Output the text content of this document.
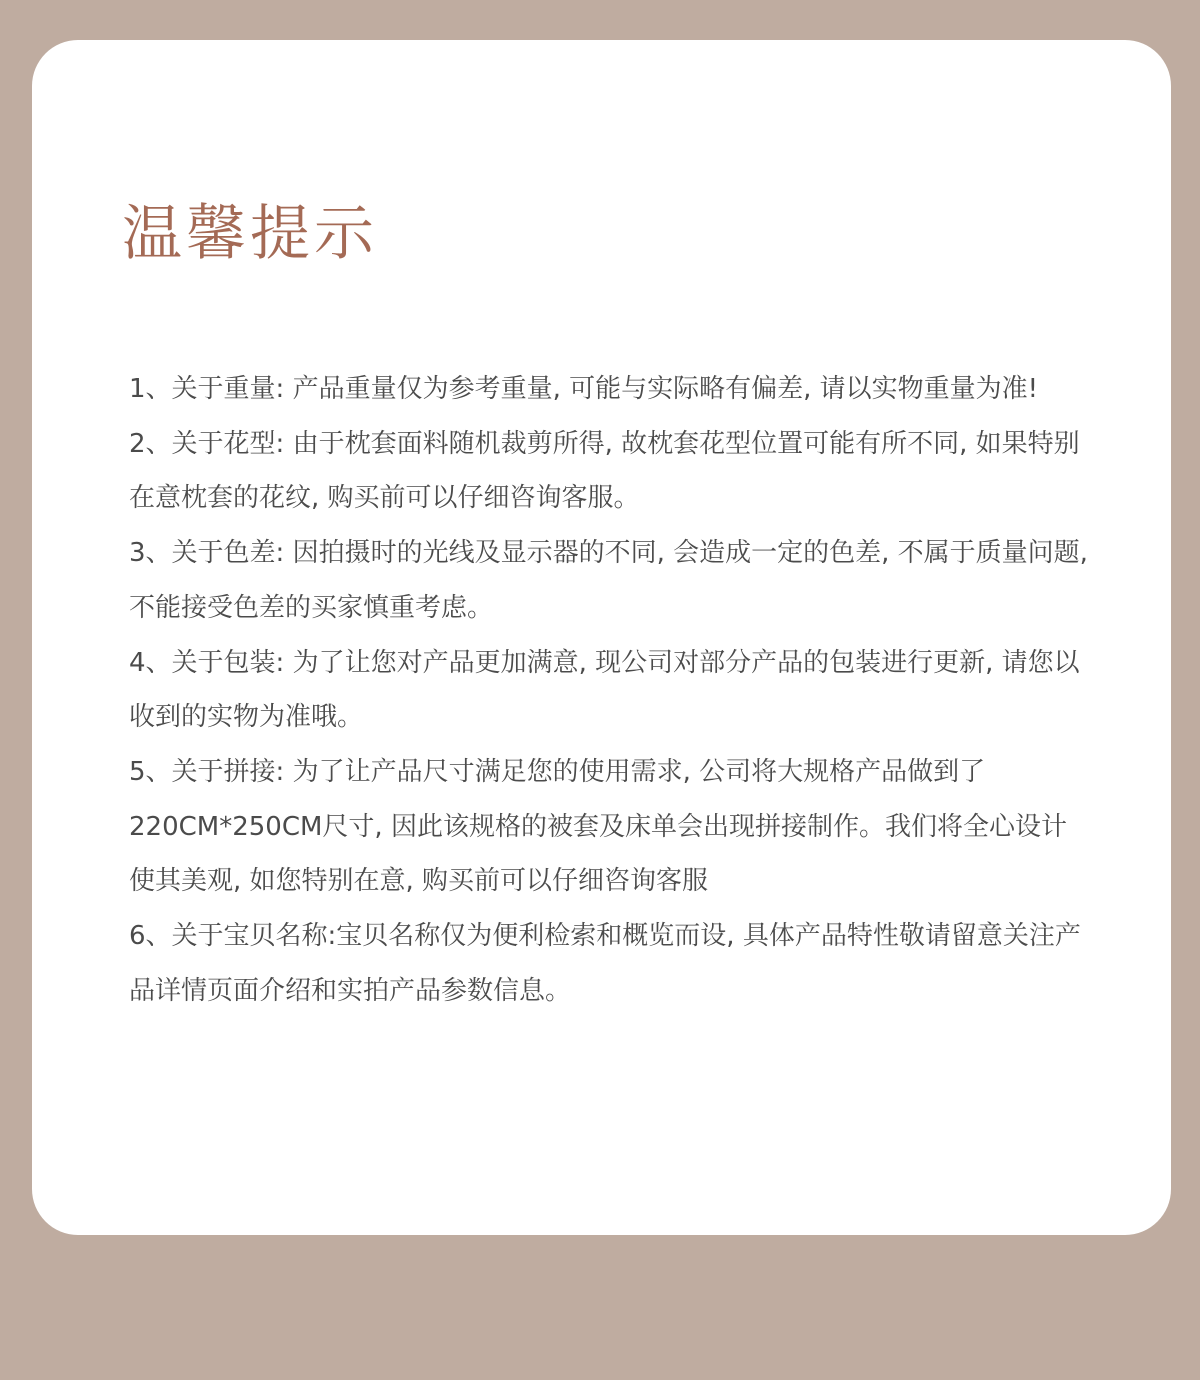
温馨提示
1、关于重量: 产品重量仅为参考重量, 可能与实际略有偏差, 请以实物重量为准!
2、关于花型: 由于枕套面料随机裁剪所得, 故枕套花型位置可能有所不同, 如果特别在意枕套的花纹, 购买前可以仔细咨询客服。
3、关于色差: 因拍摄时的光线及显示器的不同, 会造成一定的色差, 不属于质量问题, 不能接受色差的买家慎重考虑。
4、关于包装: 为了让您对产品更加满意, 现公司对部分产品的包装进行更新, 请您以收到的实物为准哦。
5、关于拼接: 为了让产品尺寸满足您的使用需求, 公司将大规格产品做到了220CM*250CM尺寸, 因此该规格的被套及床单会出现拼接制作。我们将全心设计使其美观, 如您特别在意, 购买前可以仔细咨询客服
6、关于宝贝名称:宝贝名称仅为便利检索和概览而设, 具体产品特性敬请留意关注产品详情页面介绍和实拍产品参数信息。
